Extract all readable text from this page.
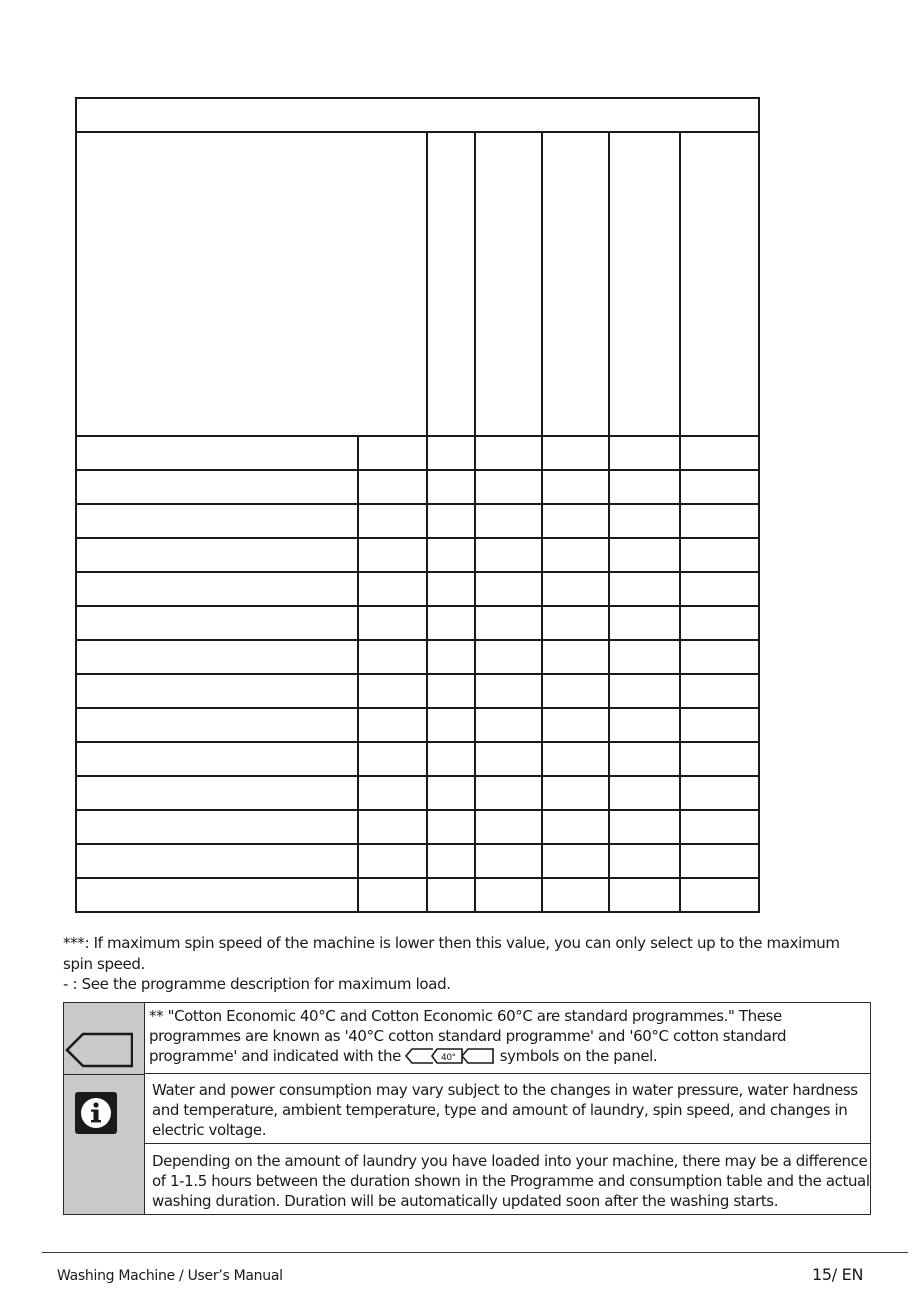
***: If maximum spin speed of the machine is lower then this value, you can only select up to the maximum spin speed.

- : See the programme description for maximum load.

** "Cotton Economic 40°C and Cotton Economic 60°C are standard programmes." These programmes are known as '40°C cotton standard programme' and '60°C cotton standard programme' and indicated with the	40°	symbols on the panel.

Water and power consumption may vary subject to the changes in water pressure, water hardness and temperature, ambient temperature, type and amount of laundry, spin speed, and changes in electric voltage.

Depending on the amount of laundry you have loaded into your machine, there may be a difference of 1-1.5 hours between the duration shown in the Programme and consumption table and the actual washing duration. Duration will be automatically updated soon after the washing starts.

Washing Machine / User’s Manual	15/ EN
